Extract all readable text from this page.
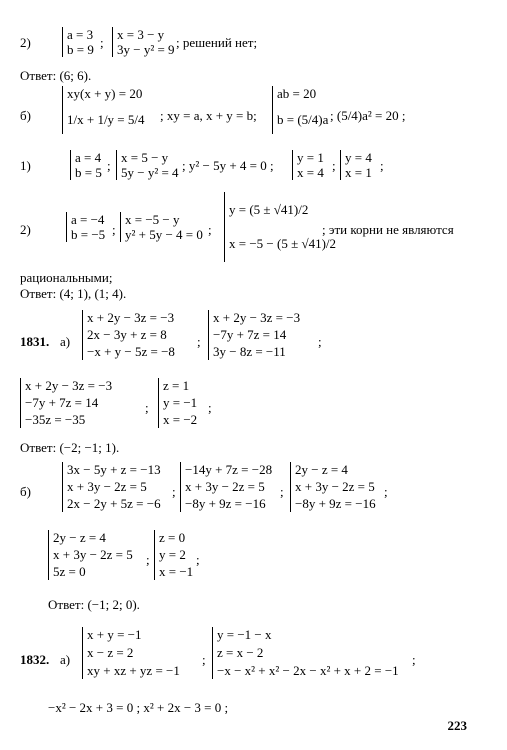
2)
a = 3
b = 9 ;
x = 3 − y
3y − y² = 9 ; решений нет;
Ответ: (6; 6).
б)
xy(x + y) = 20
1/x + 1/y = 5/4 ; xy = a, x + y = b;
ab = 20
b = (5/4)a ; (5/4)a² = 20 ;
1)
a = 4
b = 5 ;
x = 5 − y
5y − y² = 4 ; y² − 5y + 4 = 0 ;
y = 1
x = 4 ;
y = 4
x = 1 ;
2)
a = −4
b = −5 ;
x = −5 − y
y² + 5y − 4 = 0 ;
y = (5 ± √41)/2
x = −5 − (5 ± √41)/2
; эти корни не являются
рациональными;
Ответ: (4; 1), (1; 4).
1831. а)
x + 2y − 3z = −3
2x − 3y + z = 8
−x + y − 5z = −8
;
x + 2y − 3z = −3
−7y + 7z = 14
3y − 8z = −11
;
x + 2y − 3z = −3
−7y + 7z = 14
−35z = −35
;
z = 1
y = −1
x = −2
;
Ответ: (−2; −1; 1).
б)
3x − 5y + z = −13
x + 3y − 2z = 5
2x − 2y + 5z = −6
;
−14y + 7z = −28
x + 3y − 2z = 5
−8y + 9z = −16
;
2y − z = 4
x + 3y − 2z = 5
−8y + 9z = −16
;
2y − z = 4
x + 3y − 2z = 5
5z = 0
;
z = 0
y = 2
x = −1
;
Ответ: (−1; 2; 0).
1832. а)
x + y = −1
x − z = 2
xy + xz + yz = −1
;
y = −1 − x
z = x − 2
−x − x² + x² − 2x − x² + x + 2 = −1
;
−x² − 2x + 3 = 0 ; x² + 2x − 3 = 0 ;
223
